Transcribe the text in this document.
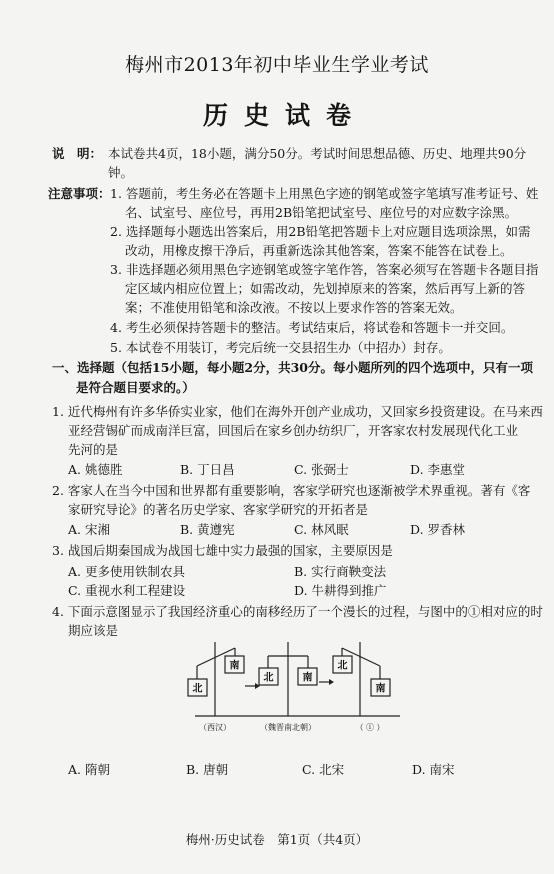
梅州市2013年初中毕业生学业考试
历史试卷
说　明： 本试卷共4页，18小题，满分50分。考试时间思想品德、历史、地理共90分
钟。
注意事项： 1. 答题前，考生务必在答题卡上用黑色字迹的钢笔或签字笔填写准考证号、姓
名、试室号、座位号，再用2B铅笔把试室号、座位号的对应数字涂黑。
2. 选择题每小题选出答案后，用2B铅笔把答题卡上对应题目选项涂黑，如需
改动，用橡皮擦干净后，再重新选涂其他答案，答案不能答在试卷上。
3. 非选择题必须用黑色字迹钢笔或签字笔作答，答案必须写在答题卡各题目指
定区域内相应位置上；如需改动，先划掉原来的答案，然后再写上新的答
案；不准使用铅笔和涂改液。不按以上要求作答的答案无效。
4. 考生必须保持答题卡的整洁。考试结束后，将试卷和答题卡一并交回。
5. 本试卷不用装订，考完后统一交县招生办（中招办）封存。
一、选择题（包括15小题，每小题2分，共30分。每小题所列的四个选项中，只有一项
是符合题目要求的。）
1. 近代梅州有许多华侨实业家，他们在海外开创产业成功，又回家乡投资建设。在马来西
亚经营锡矿而成南洋巨富，回国后在家乡创办纺织厂，开客家农村发展现代化工业
先河的是
A. 姚德胜	B. 丁日昌	C. 张弼士	D. 李惠堂
2. 客家人在当今中国和世界都有重要影响，客家学研究也逐渐被学术界重视。著有《客
家研究导论》的著名历史学家、客家学研究的开拓者是
A. 宋湘	B. 黄遵宪	C. 林风眠	D. 罗香林
3. 战国后期秦国成为战国七雄中实力最强的国家，主要原因是
A. 更多使用铁制农具	B. 实行商鞅变法
C. 重视水利工程建设	D. 牛耕得到推广
4. 下面示意图显示了我国经济重心的南移经历了一个漫长的过程，与图中的①相对应的时
期应该是
北
南
北	南
北
南
（西汉）	（魏晋南北朝）	（ ① ）
A. 隋朝	B. 唐朝	C. 北宋	D. 南宋
梅州·历史试卷　第1页（共4页）
